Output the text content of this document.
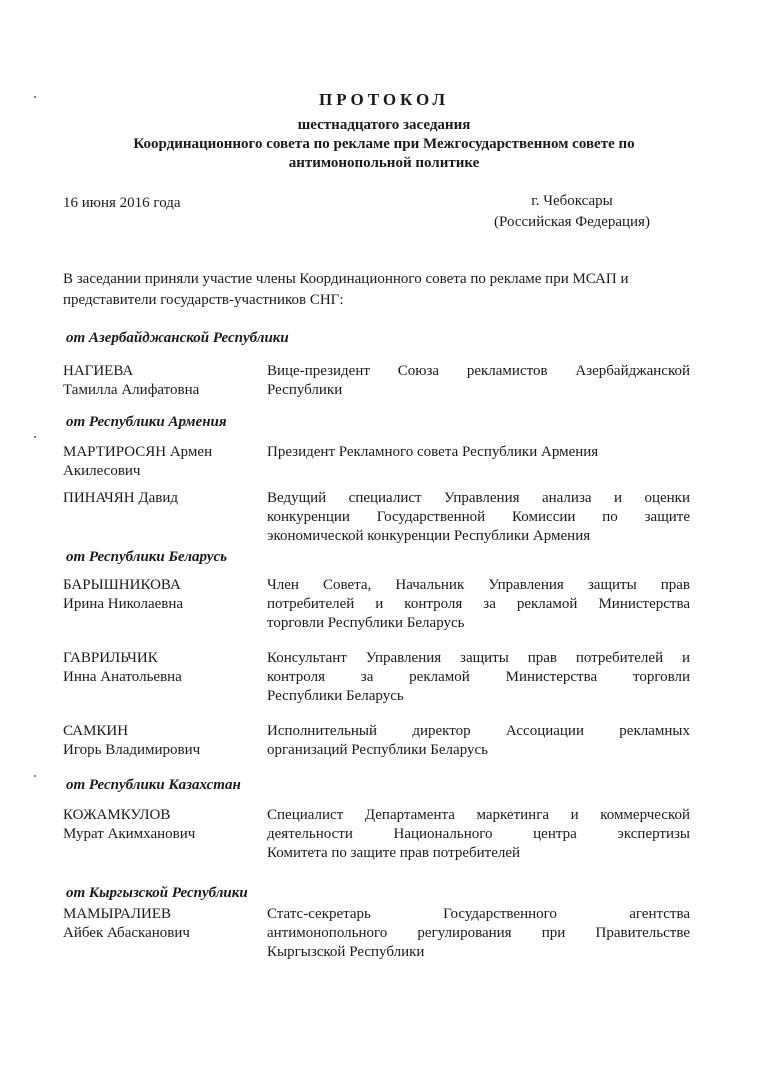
ПРОТОКОЛ
шестнадцатого заседания
Координационного совета по рекламе при Межгосударственном совете по
антимонопольной политике
16 июня 2016 года	г. Чебоксары
(Российская Федерация)
В заседании приняли участие члены Координационного совета по рекламе при МСАП и представители государств-участников СНГ:
от Азербайджанской Республики
НАГИЕВА
Тамилла Алифатовна
Вице-президент Союза рекламистов Азербайджанской
Республики
от Республики Армения
МАРТИРОСЯН Армен
Акилесович
Президент Рекламного совета Республики Армения
ПИНАЧЯН Давид	Ведущий специалист Управления анализа и оценки
конкуренции Государственной Комиссии по защите
экономической конкуренции Республики Армения
от Республики Беларусь
БАРЫШНИКОВА
Ирина Николаевна
Член Совета, Начальник Управления защиты прав
потребителей и контроля за рекламой Министерства
торговли Республики Беларусь
ГАВРИЛЬЧИК
Инна Анатольевна
Консультант Управления защиты прав потребителей и
контроля за рекламой Министерства торговли
Республики Беларусь
САМКИН
Игорь Владимирович
Исполнительный директор Ассоциации рекламных
организаций Республики Беларусь
от Республики Казахстан
КОЖАМКУЛОВ
Мурат Акимханович
Специалист Департамента маркетинга и коммерческой
деятельности Национального центра экспертизы
Комитета по защите прав потребителей
от Кыргызской Республики
МАМЫРАЛИЕВ
Айбек Абасканович
Статс-секретарь Государственного агентства
антимонопольного регулирования при Правительстве
Кыргызской Республики
